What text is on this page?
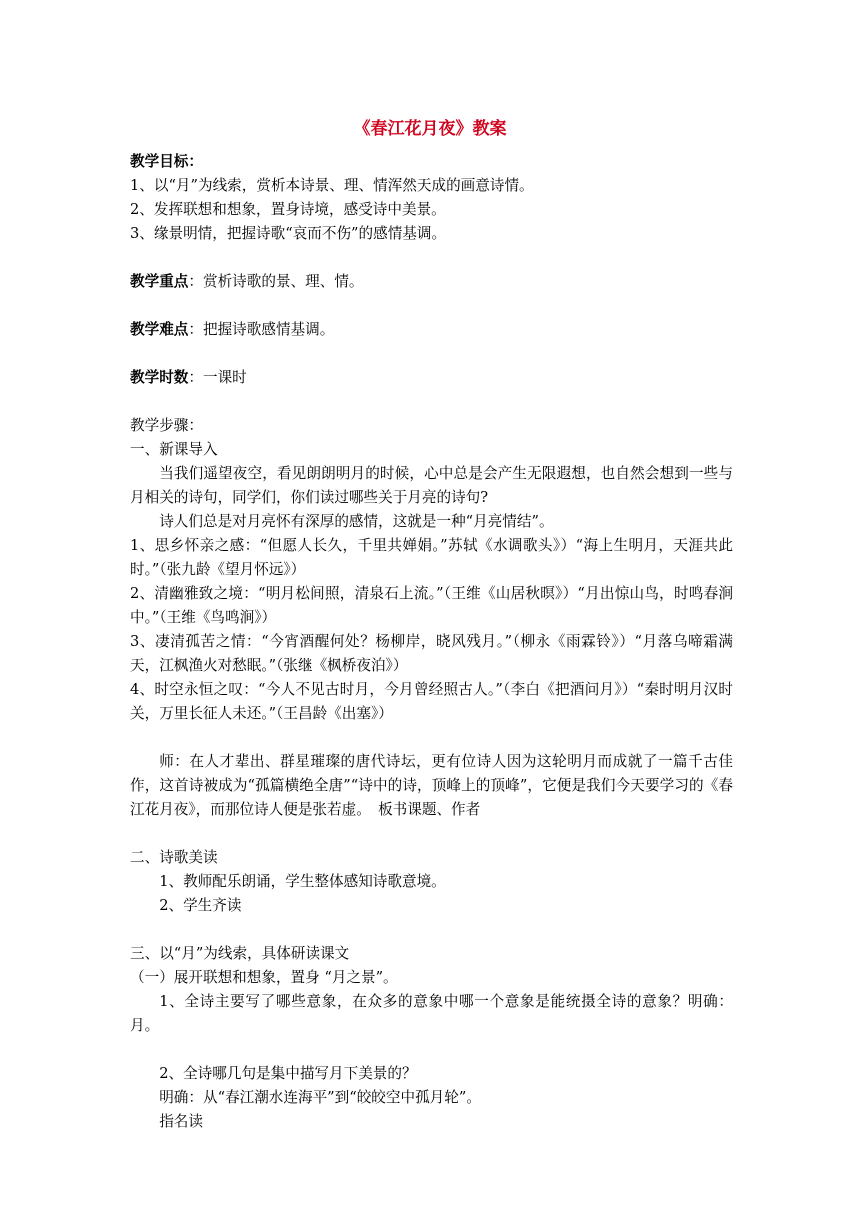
《春江花月夜》教案

教学目标：

1、以“月”为线索，赏析本诗景、理、情浑然天成的画意诗情。

2、发挥联想和想象，置身诗境，感受诗中美景。

3、缘景明情，把握诗歌“哀而不伤”的感情基调。

教学重点：赏析诗歌的景、理、情。

教学难点：把握诗歌感情基调。

教学时数：一课时

教学步骤：

一、新课导入

当我们遥望夜空，看见朗朗明月的时候，心中总是会产生无限遐想，也自然会想到一些与月相关的诗句，同学们，你们读过哪些关于月亮的诗句?

诗人们总是对月亮怀有深厚的感情，这就是一种“月亮情结”。

1、思乡怀亲之感：“但愿人长久，千里共婵娟。”苏轼《水调歌头》）“海上生明月，天涯共此时。”（张九龄《望月怀远》）

2、清幽雅致之境：“明月松间照，清泉石上流。”（王维《山居秋暝》）“月出惊山鸟，时鸣春涧中。”（王维《鸟鸣涧》）

3、凄清孤苦之情：“今宵酒醒何处？杨柳岸，晓风残月。”（柳永《雨霖铃》）“月落乌啼霜满天，江枫渔火对愁眠。”（张继《枫桥夜泊》）

4、时空永恒之叹：“今人不见古时月，今月曾经照古人。”（李白《把酒问月》）“秦时明月汉时关，万里长征人未还。”（王昌龄《出塞》）

师：在人才辈出、群星璀璨的唐代诗坛，更有位诗人因为这轮明月而成就了一篇千古佳作，这首诗被成为“孤篇横绝全唐”“诗中的诗，顶峰上的顶峰”，它便是我们今天要学习的《春江花月夜》，而那位诗人便是张若虚。　板书课题、作者

二、诗歌美读

1、教师配乐朗诵，学生整体感知诗歌意境。

2、学生齐读

三、以“月”为线索，具体研读课文

（一）展开联想和想象，置身 “月之景”。

1、全诗主要写了哪些意象，在众多的意象中哪一个意象是能统摄全诗的意象？明确：月。

2、全诗哪几句是集中描写月下美景的？

明确：从“春江潮水连海平”到“皎皎空中孤月轮”。

指名读
